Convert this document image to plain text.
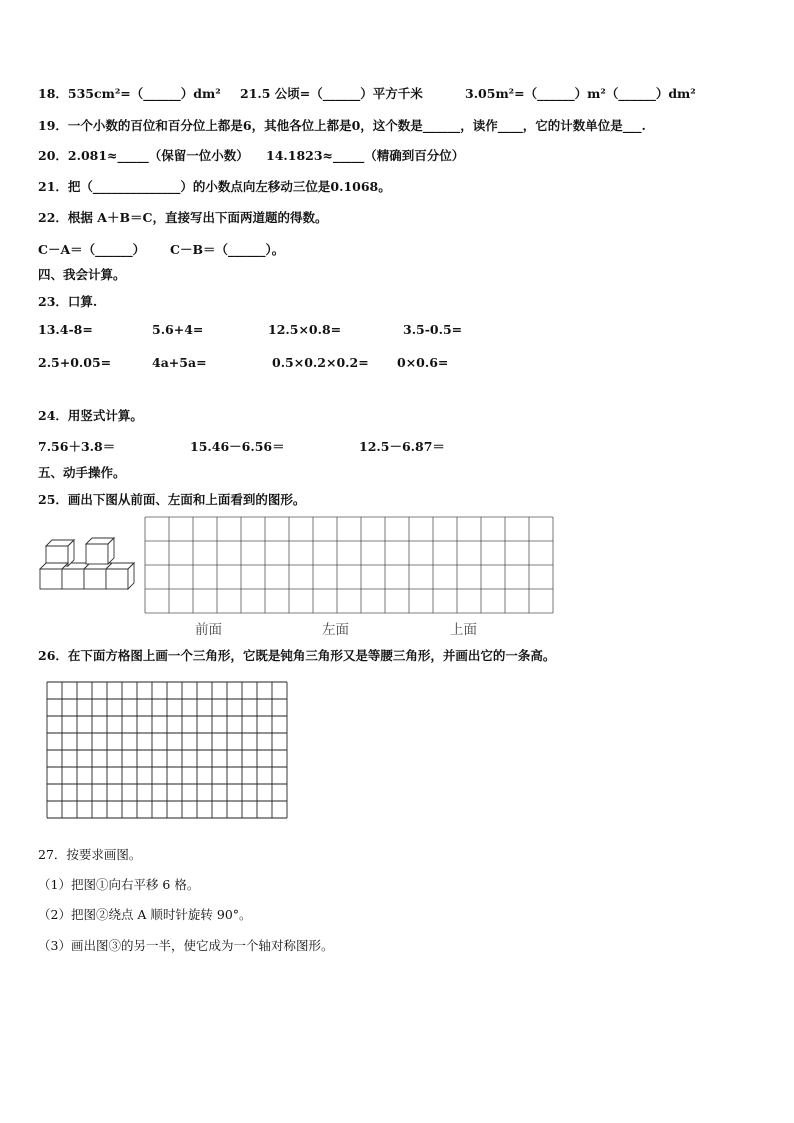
18．535cm²=（______）dm² 21.5 公顷=（______）平方千米	3.05m²=（______）m²（______）dm²
19．一个小数的百位和百分位上都是6，其他各位上都是0，这个数是______，读作____，它的计数单位是___.
20．2.081≈_____（保留一位小数） 14.1823≈_____（精确到百分位）
21．把（______________）的小数点向左移动三位是0.1068。
22．根据 A＋B＝C，直接写出下面两道题的得数。
C－A＝（______） C－B＝（______）。
四、我会计算。
23．口算.
13.4-8=	5.6+4=	12.5×0.8=	3.5-0.5=
2.5+0.05=	4a+5a=	0.5×0.2×0.2= 0×0.6=
24．用竖式计算。
7.56＋3.8＝	15.46－6.56＝	12.5－6.87＝
五、动手操作。
25．画出下图从前面、左面和上面看到的图形。
前面	左面	上面
26．在下面方格图上画一个三角形，它既是钝角三角形又是等腰三角形，并画出它的一条高。
27．按要求画图。
（1）把图①向右平移 6 格。
（2）把图②绕点 A 顺时针旋转 90°。
（3）画出图③的另一半，使它成为一个轴对称图形。
